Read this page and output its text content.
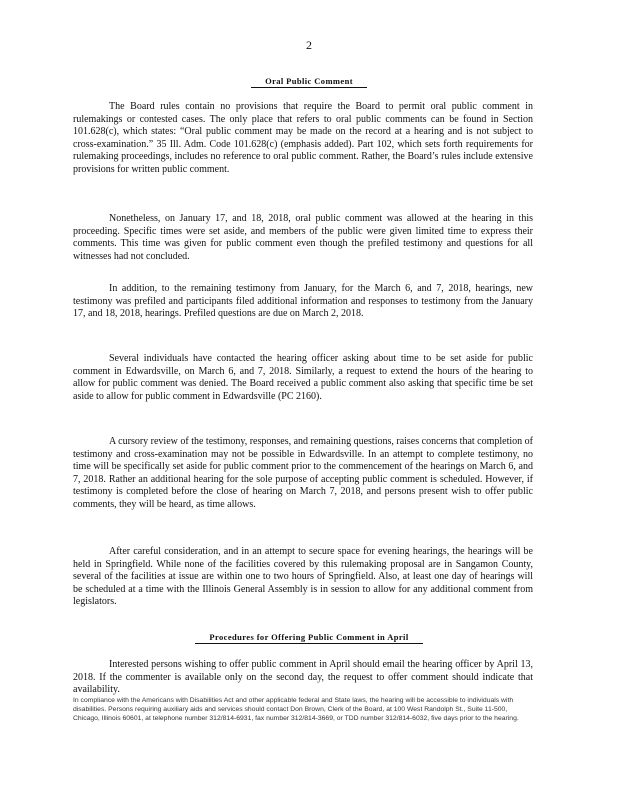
2
Oral Public Comment

The Board rules contain no provisions that require the Board to permit oral public comment in rulemakings or contested cases. The only place that refers to oral public comments can be found in Section 101.628(c), which states: “Oral public comment may be made on the record at a hearing and is not subject to cross-examination.” 35 Ill. Adm. Code 101.628(c) (emphasis added). Part 102, which sets forth requirements for rulemaking proceedings, includes no reference to oral public comment. Rather, the Board’s rules include extensive provisions for written public comment.

Nonetheless, on January 17, and 18, 2018, oral public comment was allowed at the hearing in this proceeding. Specific times were set aside, and members of the public were given limited time to express their comments. This time was given for public comment even though the prefiled testimony and questions for all witnesses had not concluded.

In addition, to the remaining testimony from January, for the March 6, and 7, 2018, hearings, new testimony was prefiled and participants filed additional information and responses to testimony from the January 17, and 18, 2018, hearings. Prefiled questions are due on March 2, 2018.

Several individuals have contacted the hearing officer asking about time to be set aside for public comment in Edwardsville, on March 6, and 7, 2018. Similarly, a request to extend the hours of the hearing to allow for public comment was denied. The Board received a public comment also asking that specific time be set aside to allow for public comment in Edwardsville (PC 2160).

A cursory review of the testimony, responses, and remaining questions, raises concerns that completion of testimony and cross-examination may not be possible in Edwardsville. In an attempt to complete testimony, no time will be specifically set aside for public comment prior to the commencement of the hearings on March 6, and 7, 2018. Rather an additional hearing for the sole purpose of accepting public comment is scheduled. However, if testimony is completed before the close of hearing on March 7, 2018, and persons present wish to offer public comments, they will be heard, as time allows.

After careful consideration, and in an attempt to secure space for evening hearings, the hearings will be held in Springfield. While none of the facilities covered by this rulemaking proposal are in Sangamon County, several of the facilities at issue are within one to two hours of Springfield. Also, at least one day of hearings will be scheduled at a time with the Illinois General Assembly is in session to allow for any additional comment from legislators.

Procedures for Offering Public Comment in April

Interested persons wishing to offer public comment in April should email the hearing officer by April 13, 2018. If the commenter is available only on the second day, the request to offer comment should indicate that availability.

In compliance with the Americans with Disabilities Act and other applicable federal and State laws, the hearing will be accessible to individuals with disabilities. Persons requiring auxiliary aids and services should contact Don Brown, Clerk of the Board, at 100 West Randolph St., Suite 11-500, Chicago, Illinois 60601, at telephone number 312/814-6931, fax number 312/814-3669, or TDD number 312/814-6032, five days prior to the hearing.
